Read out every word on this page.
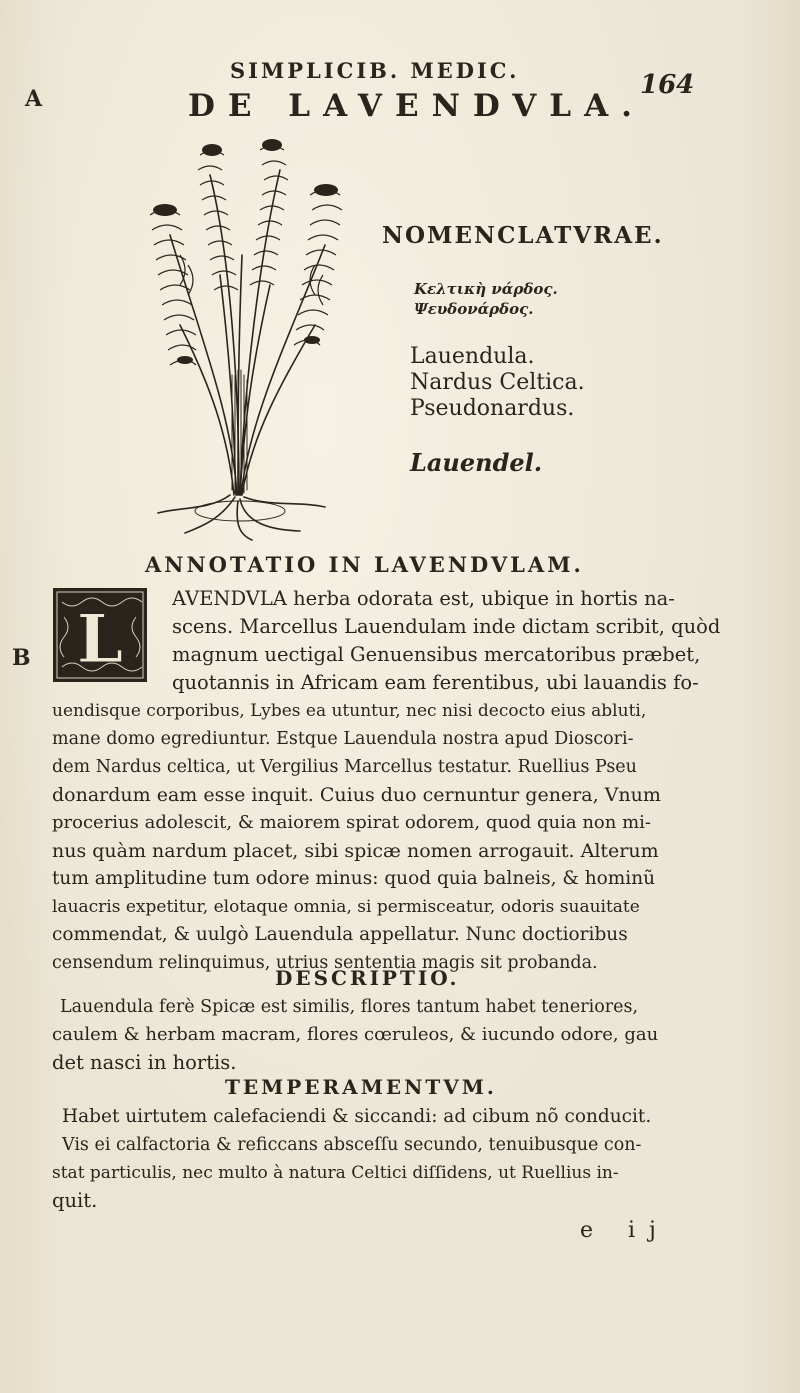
SIMPLICIB. MEDIC.	164
DE LAVENDVLA.
A
B
NOMENCLATVRAE.
Κελτικὴ νάρδος.
Ψευδονάρδος.
Lauendula.
Nardus Celtica.
Pseudonardus.
Lauendel.
ANNOTATIO IN LAVENDVLAM.
L
AVENDVLA herba odorata est, ubique in hortis na-
scens. Marcellus Lauendulam inde dictam scribit, quòd
magnum uectigal Genuensibus mercatoribus præbet,
quotannis in Africam eam ferentibus, ubi lauandis fo-
uendisque corporibus, Lybes ea utuntur, nec nisi decocto eius abluti,
mane domo egrediuntur. Estque Lauendula nostra apud Dioscori-
dem Nardus celtica, ut Vergilius Marcellus testatur. Ruellius Pseu
donardum eam esse inquit. Cuius duo cernuntur genera, Vnum
procerius adolescit, & maiorem spirat odorem, quod quia non mi-
nus quàm nardum placet, sibi spicæ nomen arrogauit. Alterum
tum amplitudine tum odore minus: quod quia balneis, & hominũ
lauacris expetitur, elotaque omnia, si permisceatur, odoris suauitate
commendat, & uulgò Lauendula appellatur. Nunc doctioribus
censendum relinquimus, utrius sententia magis sit probanda.
DESCRIPTIO.
Lauendula ferè Spicæ est similis, flores tantum habet teneriores,
caulem & herbam macram, flores cœruleos, & iucundo odore, gau
det nasci in hortis.
TEMPERAMENTVM.
Habet uirtutem calefaciendi & siccandi: ad cibum nõ conducit.
Vis ei calfactoria & reficcans absceſſu secundo, tenuibusque con-
stat particulis, nec multo à natura Celtici diſſidens, ut Ruellius in-
quit.
e ij
